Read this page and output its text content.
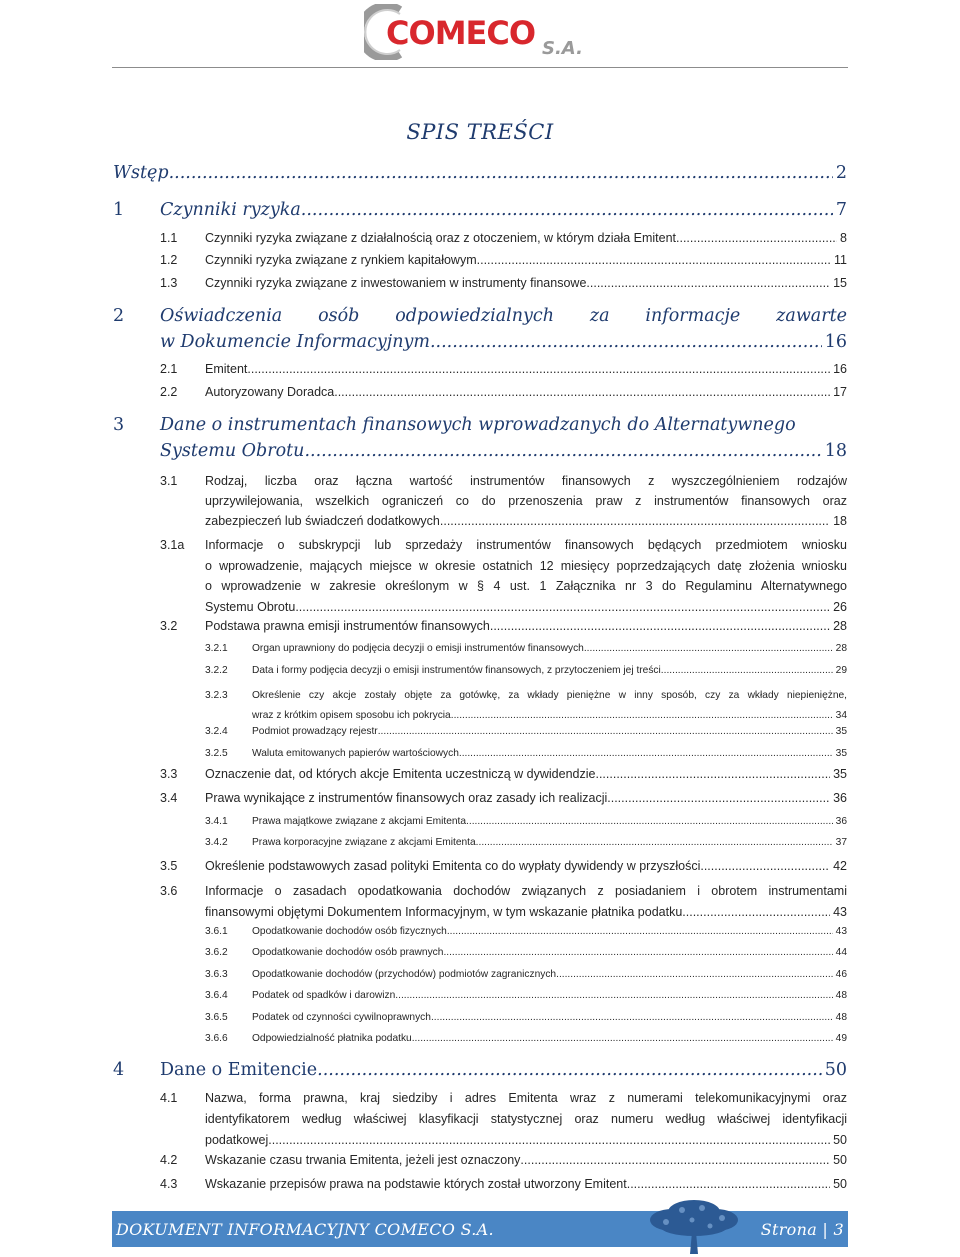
COMECO S.A.
SPIS TREŚCI
Wstęp .....	2
1 Czynniki ryzyka .....	7
1.1 Czynniki ryzyka związane z działalnością oraz z otoczeniem, w którym działa Emitent .....	8
1.2 Czynniki ryzyka związane z rynkiem kapitałowym. .....	11
1.3 Czynniki ryzyka związane z inwestowaniem w instrumenty finansowe .....	15
2 Oświadczenia osób odpowiedzialnych za informacje zawarte
w Dokumencie Informacyjnym .....	16
2.1 Emitent .....	16
2.2 Autoryzowany Doradca .....	17
3 Dane o instrumentach finansowych wprowadzanych do Alternatywnego
Systemu Obrotu .....	18
3.1 Rodzaj, liczba oraz łączna wartość instrumentów finansowych z wyszczególnieniem rodzajów
uprzywilejowania, wszelkich ograniczeń co do przenoszenia praw z instrumentów finansowych oraz
zabezpieczeń lub świadczeń dodatkowych .....	18
3.1a Informacje o subskrypcji lub sprzedaży instrumentów finansowych będących przedmiotem wniosku
o wprowadzenie, mających miejsce w okresie ostatnich 12 miesięcy poprzedzających datę złożenia wniosku
o wprowadzenie w zakresie określonym w § 4 ust. 1 Załącznika nr 3 do Regulaminu Alternatywnego
Systemu Obrotu .....	26
3.2 Podstawa prawna emisji instrumentów finansowych .....	28
3.2.1 Organ uprawniony do podjęcia decyzji o emisji instrumentów finansowych .....	28
3.2.2 Data i formy podjęcia decyzji o emisji instrumentów finansowych, z przytoczeniem jej treści .....	29
3.2.3 Określenie czy akcje zostały objęte za gotówkę, za wkłady pieniężne w inny sposób, czy za wkłady niepieniężne,
wraz z krótkim opisem sposobu ich pokrycia .....	34
3.2.4 Podmiot prowadzący rejestr .....	35
3.2.5 Waluta emitowanych papierów wartościowych .....	35
3.3 Oznaczenie dat, od których akcje Emitenta uczestniczą w dywidendzie .....	35
3.4 Prawa wynikające z instrumentów finansowych oraz zasady ich realizacji. .....	36
3.4.1 Prawa majątkowe związane z akcjami Emitenta. .....	36
3.4.2 Prawa korporacyjne związane z akcjami Emitenta .....	37
3.5 Określenie podstawowych zasad polityki Emitenta co do wypłaty dywidendy w przyszłości .....	42
3.6 Informacje o zasadach opodatkowania dochodów związanych z posiadaniem i obrotem instrumentami
finansowymi objętymi Dokumentem Informacyjnym, w tym wskazanie płatnika podatku .....	43
3.6.1 Opodatkowanie dochodów osób fizycznych .....	43
3.6.2 Opodatkowanie dochodów osób prawnych .....	44
3.6.3 Opodatkowanie dochodów (przychodów) podmiotów zagranicznych. .....	46
3.6.4 Podatek od spadków i darowizn .....	48
3.6.5 Podatek od czynności cywilnoprawnych. .....	48
3.6.6 Odpowiedzialność płatnika podatku .....	49
4 Dane o Emitencie .....	50
4.1 Nazwa, forma prawna, kraj siedziby i adres Emitenta wraz z numerami telekomunikacyjnymi oraz
identyfikatorem według właściwej klasyfikacji statystycznej oraz numeru według właściwej identyfikacji
podatkowej .....	50
4.2 Wskazanie czasu trwania Emitenta, jeżeli jest oznaczony .....	50
4.3 Wskazanie przepisów prawa na podstawie których został utworzony Emitent .....	50
DOKUMENT INFORMACYJNY COMECO S.A.	Strona | 3
